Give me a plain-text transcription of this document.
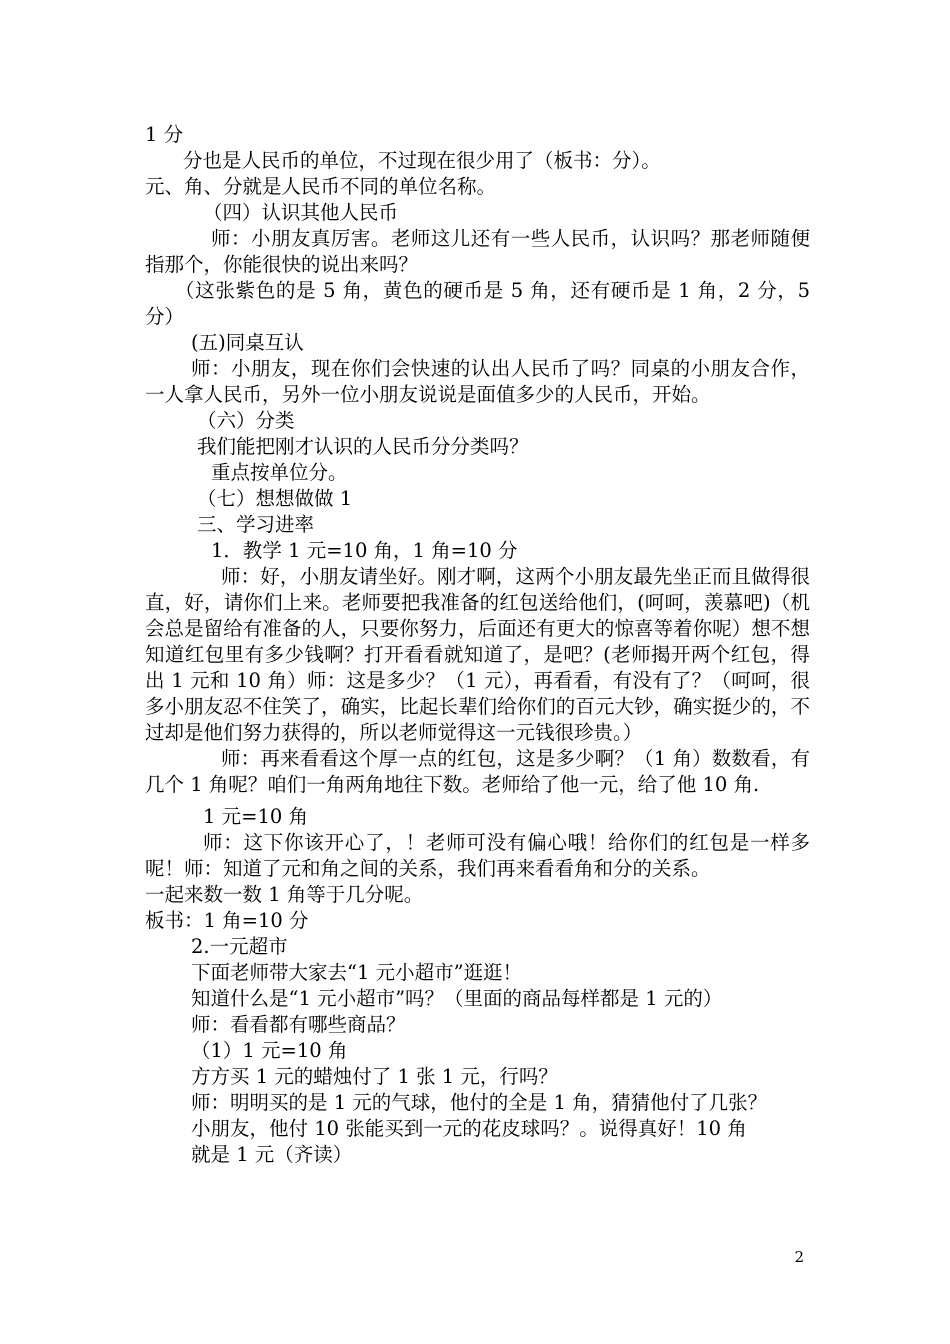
1 分

分也是人民币的单位，不过现在很少用了（板书：分）。

元、角、分就是人民币不同的单位名称。

（四）认识其他人民币

师：小朋友真厉害。老师这儿还有一些人民币，认识吗？那老师随便指那个，你能很快的说出来吗？

（这张紫色的是 5 角，黄色的硬币是 5 角，还有硬币是 1 角，2 分，5 分）

(五)同桌互认

师：小朋友，现在你们会快速的认出人民币了吗？同桌的小朋友合作，一人拿人民币，另外一位小朋友说说是面值多少的人民币，开始。

（六）分类

我们能把刚才认识的人民币分分类吗？

重点按单位分。

（七）想想做做 1

三、学习进率

1．教学 1 元=10 角，1 角=10 分

师：好，小朋友请坐好。刚才啊，这两个小朋友最先坐正而且做得很直，好，请你们上来。老师要把我准备的红包送给他们，(呵呵，羡慕吧)（机会总是留给有准备的人，只要你努力，后面还有更大的惊喜等着你呢）想不想知道红包里有多少钱啊？打开看看就知道了，是吧？(老师揭开两个红包，得出 1 元和 10 角）师：这是多少？（1 元），再看看，有没有了？（呵呵，很多小朋友忍不住笑了，确实，比起长辈们给你们的百元大钞，确实挺少的，不过却是他们努力获得的，所以老师觉得这一元钱很珍贵。）

师：再来看看这个厚一点的红包，这是多少啊？（1 角）数数看，有几个 1 角呢？咱们一角两角地往下数。老师给了他一元，给了他 10 角.

1 元=10 角

师：这下你该开心了，！老师可没有偏心哦！给你们的红包是一样多呢！师：知道了元和角之间的关系，我们再来看看角和分的关系。

一起来数一数 1 角等于几分呢。

板书：1 角=10 分

2.一元超市

下面老师带大家去“1 元小超市”逛逛！

知道什么是“1 元小超市”吗？（里面的商品每样都是 1 元的）

师：看看都有哪些商品？

（1）1 元=10 角

方方买 1 元的蜡烛付了 1 张 1 元，行吗？

师：明明买的是 1 元的气球，他付的全是 1 角，猜猜他付了几张？

小朋友，他付 10 张能买到一元的花皮球吗？。说得真好！10 角

就是 1 元（齐读）

2
